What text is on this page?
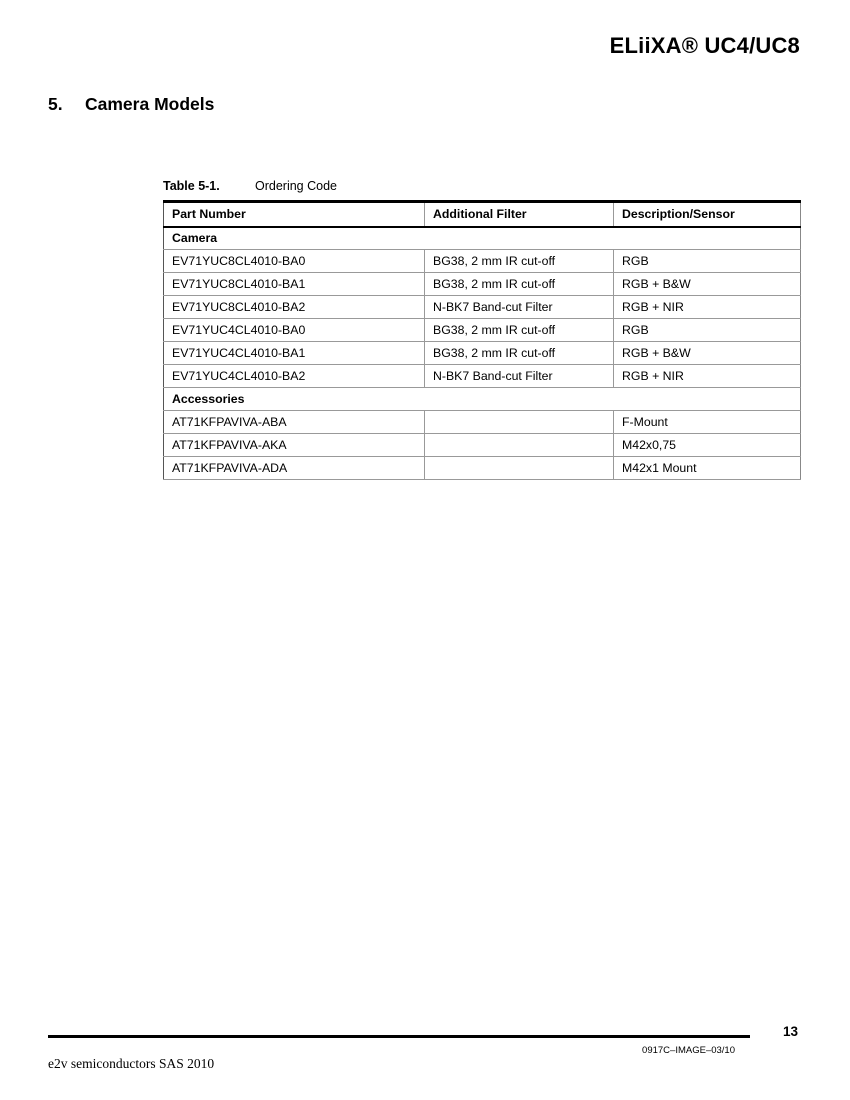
ELiiXA® UC4/UC8
5. Camera Models
Table 5-1.	Ordering Code
Part Number	Additional Filter	Description/Sensor
Camera		
EV71YUC8CL4010-BA0	BG38, 2 mm IR cut-off	RGB
EV71YUC8CL4010-BA1	BG38, 2 mm IR cut-off	RGB + B&W
EV71YUC8CL4010-BA2	N-BK7 Band-cut Filter	RGB + NIR
EV71YUC4CL4010-BA0	BG38, 2 mm IR cut-off	RGB
EV71YUC4CL4010-BA1	BG38, 2 mm IR cut-off	RGB + B&W
EV71YUC4CL4010-BA2	N-BK7 Band-cut Filter	RGB + NIR
Accessories		
AT71KFPAVIVA-ABA		F-Mount
AT71KFPAVIVA-AKA		M42x0,75
AT71KFPAVIVA-ADA		M42x1 Mount
13
0917C–IMAGE–03/10
e2v semiconductors SAS 2010
